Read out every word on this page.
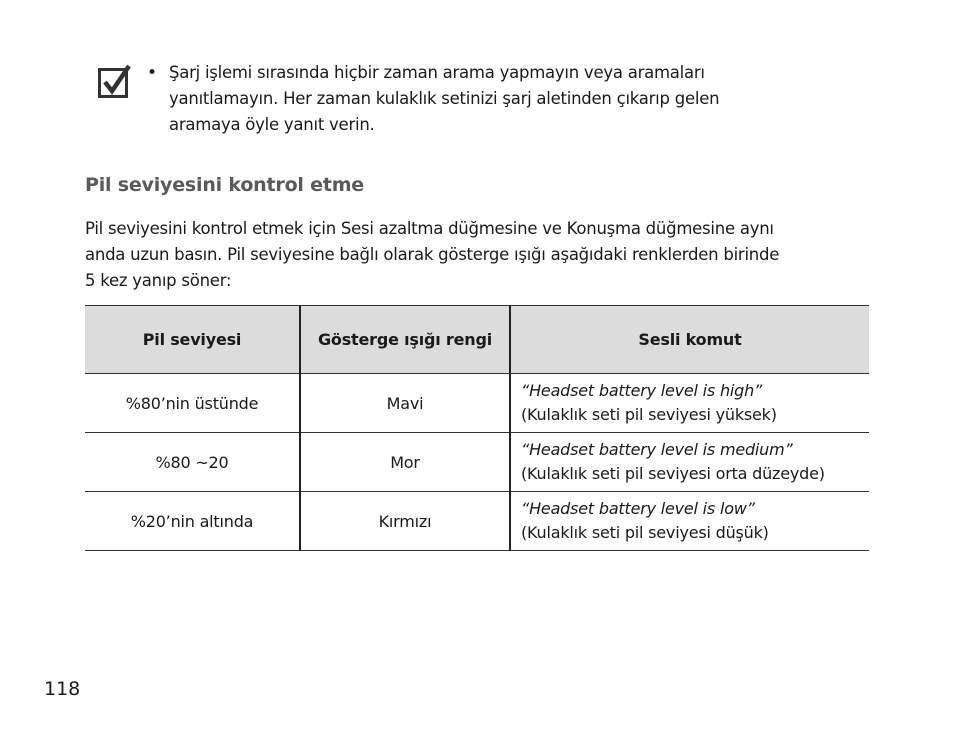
• Şarj işlemi sırasında hiçbir zaman arama yapmayın veya aramaları
yanıtlamayın. Her zaman kulaklık setinizi şarj aletinden çıkarıp gelen
aramaya öyle yanıt verin.
Pil seviyesini kontrol etme
Pil seviyesini kontrol etmek için Sesi azaltma düğmesine ve Konuşma düğmesine aynı
anda uzun basın. Pil seviyesine bağlı olarak gösterge ışığı aşağıdaki renklerden birinde
5 kez yanıp söner:
Pil seviyesi	Gösterge ışığı rengi	Sesli komut
%80’nin üstünde	Mavi	“Headset battery level is high”
(Kulaklık seti pil seviyesi yüksek)

%80 ~20	Mor	“Headset battery level is medium”
(Kulaklık seti pil seviyesi orta düzeyde)

%20’nin altında	Kırmızı	“Headset battery level is low”
(Kulaklık seti pil seviyesi düşük)
118
